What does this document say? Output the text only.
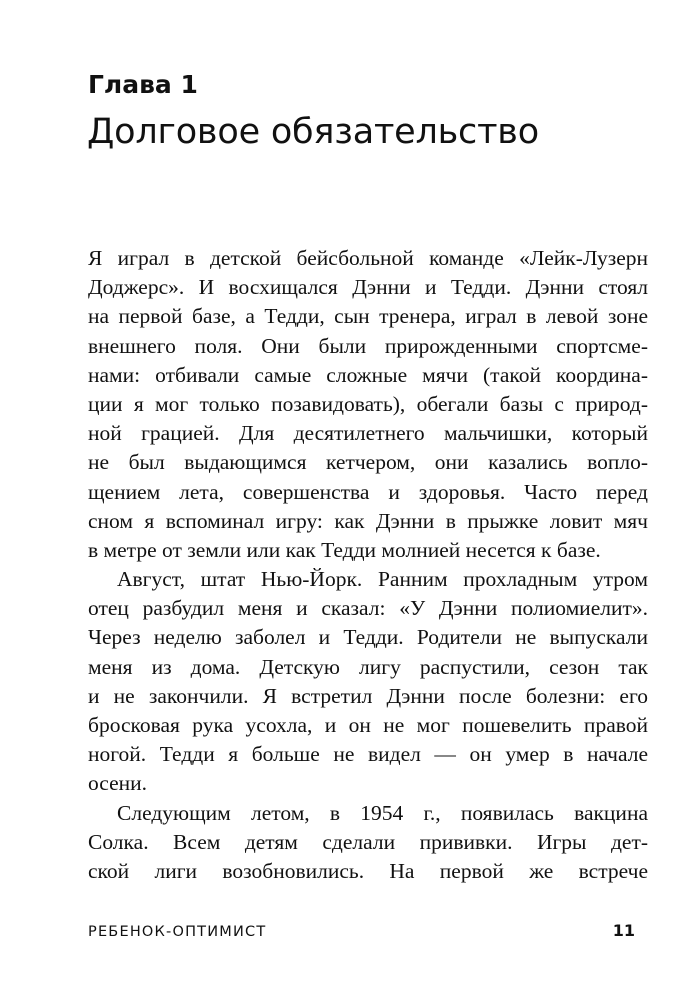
Глава 1
Долговое обязательство
Я играл в детской бейсбольной команде «Лейк-Лузерн
Доджерс». И восхищался Дэнни и Тедди. Дэнни стоял
на первой базе, а Тедди, сын тренера, играл в левой зоне
внешнего поля. Они были прирожденными спортсме-
нами: отбивали самые сложные мячи (такой координа-
ции я мог только позавидовать), обегали базы с природ-
ной грацией. Для десятилетнего мальчишки, который
не был выдающимся кетчером, они казались вопло-
щением лета, совершенства и здоровья. Часто перед
сном я вспоминал игру: как Дэнни в прыжке ловит мяч
в метре от земли или как Тедди молнией несется к базе.
Август, штат Нью-Йорк. Ранним прохладным утром
отец разбудил меня и сказал: «У Дэнни полиомиелит».
Через неделю заболел и Тедди. Родители не выпускали
меня из дома. Детскую лигу распустили, сезон так
и не закончили. Я встретил Дэнни после болезни: его
бросковая рука усохла, и он не мог пошевелить правой
ногой. Тедди я больше не видел — он умер в начале
осени.
Следующим летом, в 1954 г., появилась вакцина
Солка. Всем детям сделали прививки. Игры дет-
ской лиги возобновились. На первой же встрече
РЕБЕНОК-ОПТИМИСТ	11
